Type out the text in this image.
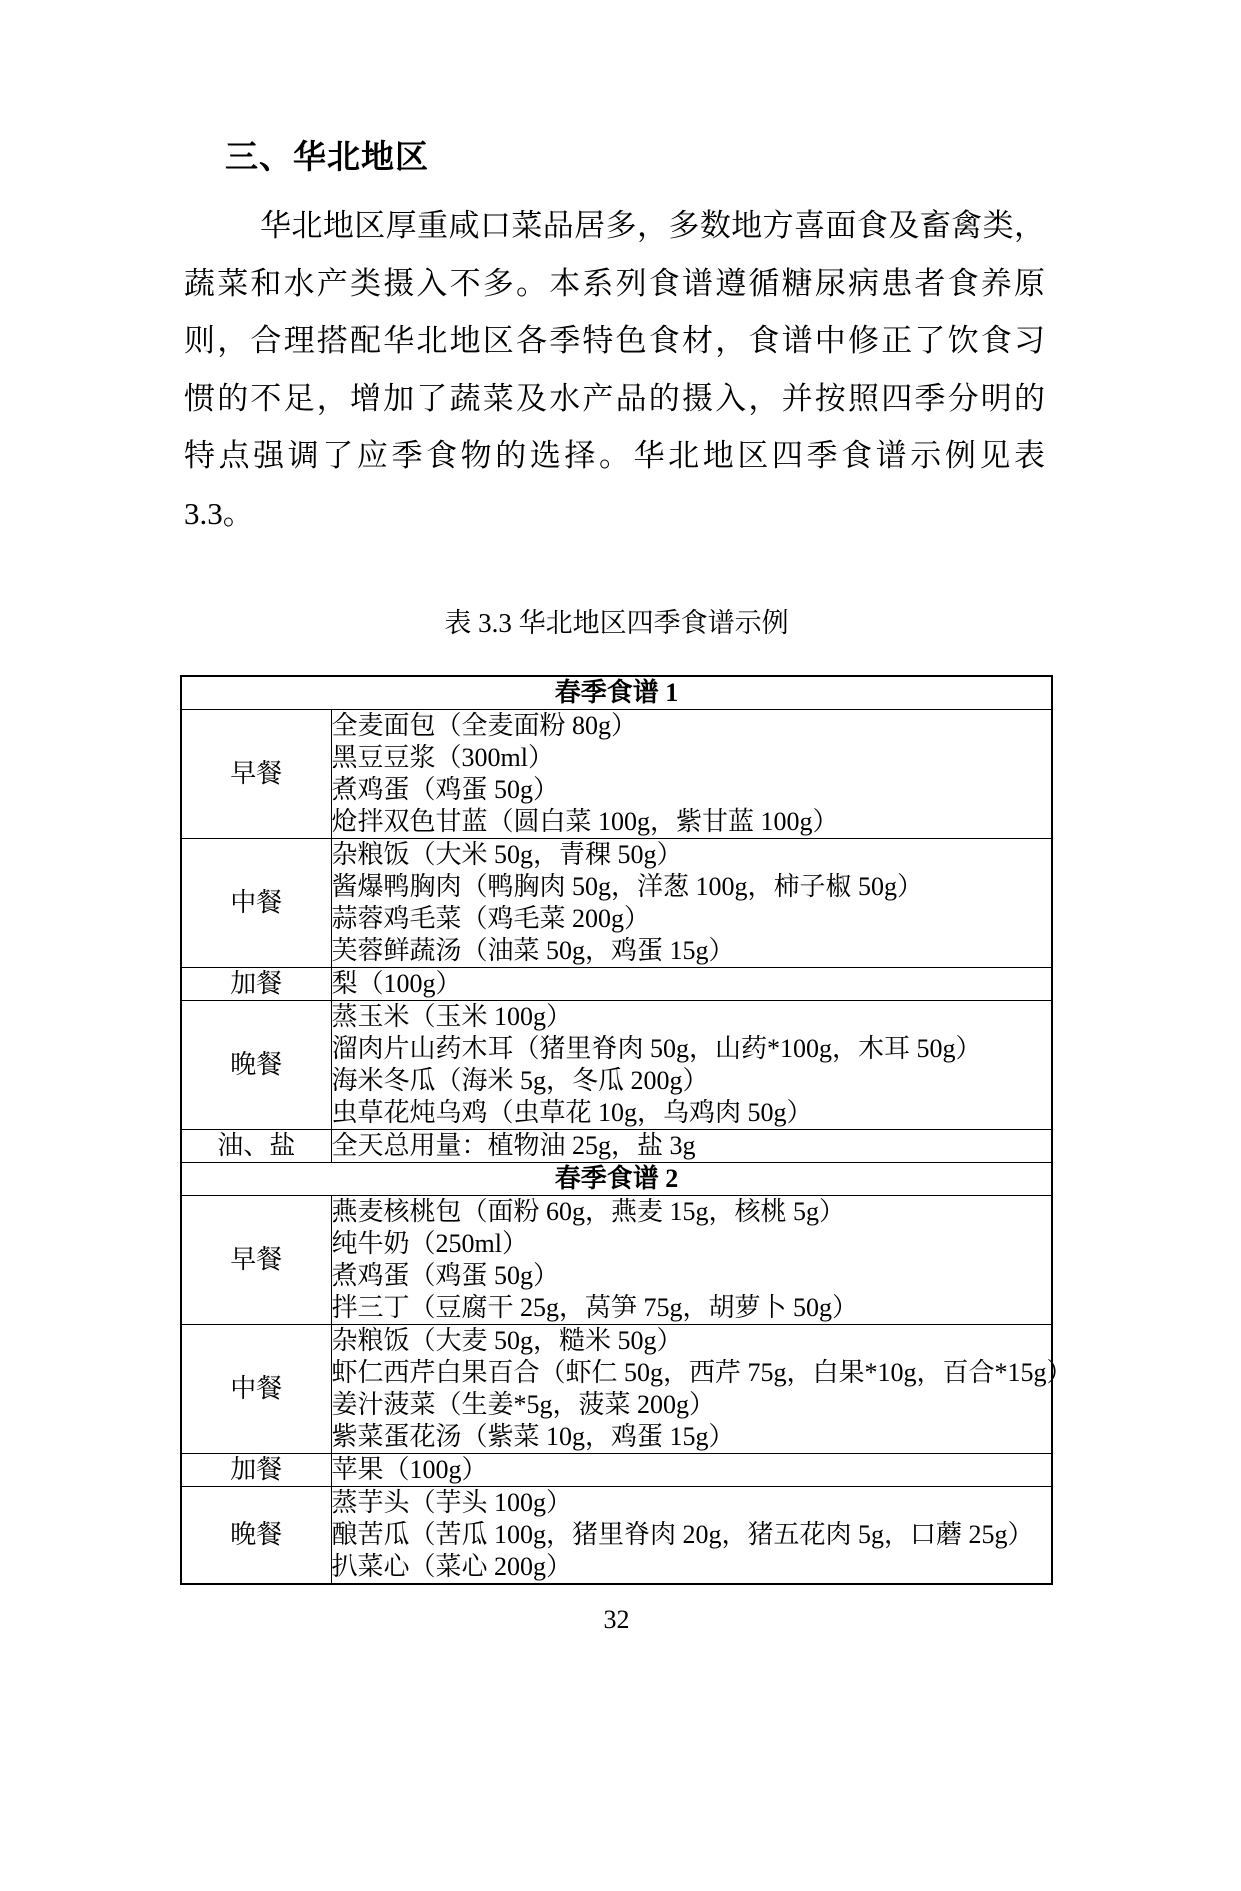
三、华北地区
华北地区厚重咸口菜品居多，多数地方喜面食及畜禽类，
蔬菜和水产类摄入不多。本系列食谱遵循糖尿病患者食养原
则，合理搭配华北地区各季特色食材，食谱中修正了饮食习
惯的不足，增加了蔬菜及水产品的摄入，并按照四季分明的
特点强调了应季食物的选择。华北地区四季食谱示例见表
3.3。
表 3.3 华北地区四季食谱示例
春季食谱 1	
早餐	全麦面包（全麦面粉 80g）
黑豆豆浆（300ml）
煮鸡蛋（鸡蛋 50g）
炝拌双色甘蓝（圆白菜 100g，紫甘蓝 100g）

中餐	杂粮饭（大米 50g，青稞 50g）
酱爆鸭胸肉（鸭胸肉 50g，洋葱 100g，柿子椒 50g）
蒜蓉鸡毛菜（鸡毛菜 200g）
芙蓉鲜蔬汤（油菜 50g，鸡蛋 15g）

加餐	梨（100g）

晚餐	蒸玉米（玉米 100g）
溜肉片山药木耳（猪里脊肉 50g，山药*100g，木耳 50g）
海米冬瓜（海米 5g，冬瓜 200g）
虫草花炖乌鸡（虫草花 10g，乌鸡肉 50g）

油、盐	全天总用量：植物油 25g，盐 3g

春季食谱 2	
早餐	燕麦核桃包（面粉 60g，燕麦 15g，核桃 5g）
纯牛奶（250ml）
煮鸡蛋（鸡蛋 50g）
拌三丁（豆腐干 25g，莴笋 75g，胡萝卜 50g）

中餐	杂粮饭（大麦 50g，糙米 50g）
虾仁西芹白果百合（虾仁 50g，西芹 75g，白果*10g，百合*15g）
姜汁菠菜（生姜*5g，菠菜 200g）
紫菜蛋花汤（紫菜 10g，鸡蛋 15g）

加餐	苹果（100g）

晚餐	蒸芋头（芋头 100g）
酿苦瓜（苦瓜 100g，猪里脊肉 20g，猪五花肉 5g，口蘑 25g）
扒菜心（菜心 200g）
32
